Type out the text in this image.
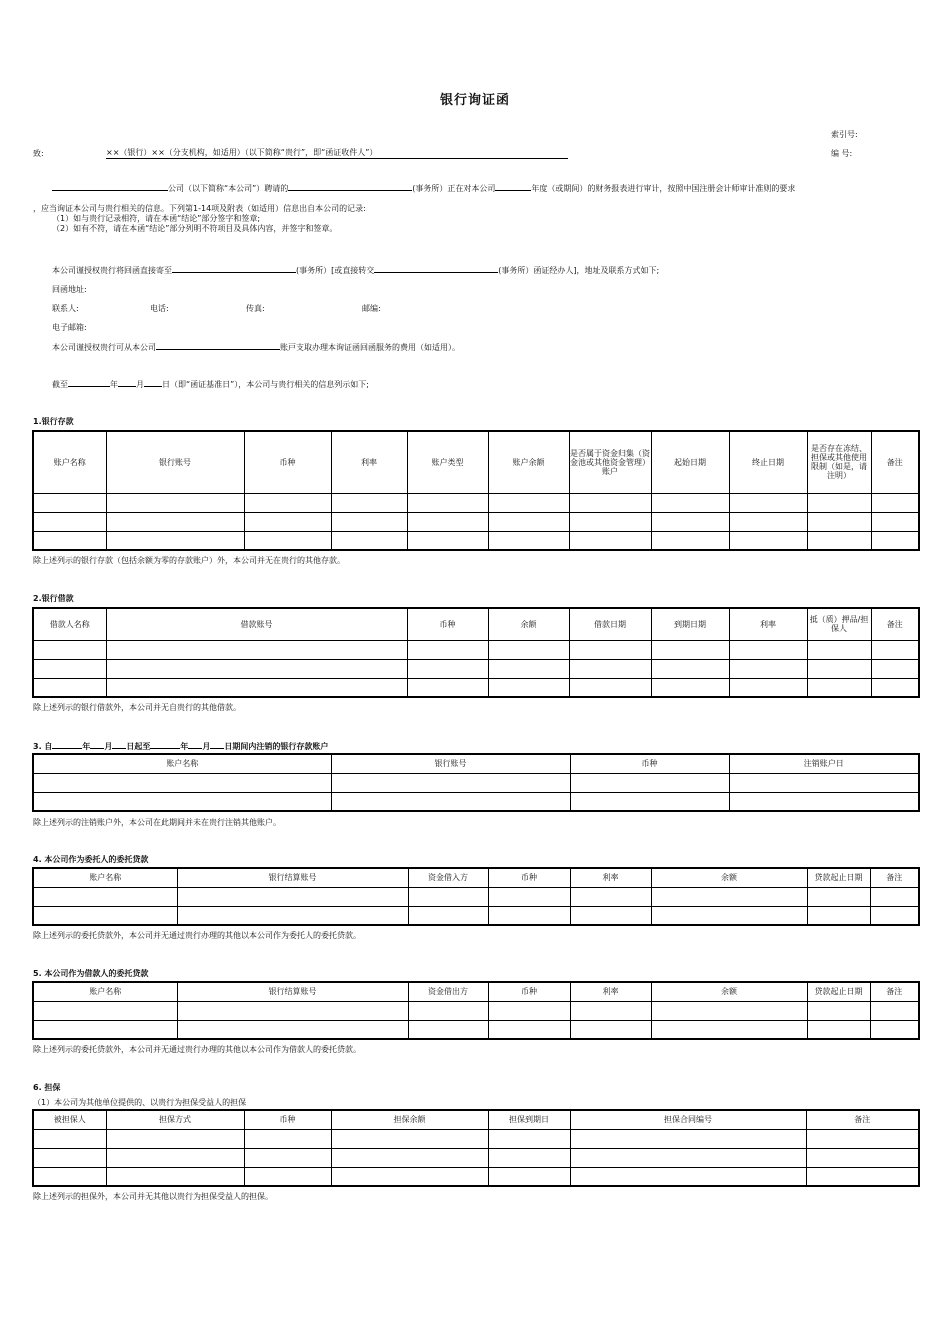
银行询证函
索引号:
编 号:
致:	××（银行）××（分支机构，如适用）（以下简称“贵行”，即“函证收件人”）
公司（以下简称“本公司”）聘请的	(事务所）正在对本公司	年度（或期间）的财务报表进行审计，按照中国注册会计师审计准则的要求
，应当询证本公司与贵行相关的信息。下列第1-14项及附表（如适用）信息出自本公司的记录:
（1）如与贵行记录相符，请在本函“结论”部分签字和签章;
（2）如有不符，请在本函“结论”部分列明不符项目及具体内容，并签字和签章。
本公司谨授权贵行将回函直接寄至	(事务所）[或直接转交	(事务所）函证经办人]，地址及联系方式如下;
回函地址:
联系人:	电话:	传真:	邮编:
电子邮箱:
本公司谨授权贵行可从本公司	账戸支取办理本询证函回函服务的费用（如适用）。
截至	年 月 日（即“函证基准日”），本公司与贵行相关的信息列示如下;
1.银行存款
账户名称	银行账号	币种	利率	账户类型	账户余额	是否属于资金归集（资金池或其他资金管理）账户	起始日期	终止日期	是否存在冻结、担保或其他使用限制（如是，请注明）	备注

除上述列示的银行存款（包括余额为零的存款账户）外，本公司并无在贵行的其他存款。
2.银行借款
借款人名称	借款账号	币种	余额	借款日期	到期日期	利率	抵（质）押品/担保人	备注

除上述列示的银行借款外，本公司并无自贵行的其他借款。
3. 自	年 月 日起至	年 月 日期间内注销的银行存款账户
账户名称	银行账号	币种	注销账户日

除上述列示的注销账户外，本公司在此期间并未在贵行注销其他账户。
4. 本公司作为委托人的委托贷款
账户名称	银行结算账号	资金借入方	币种	利率	余额	贷款起止日期	备注

除上述列示的委托贷款外，本公司并无通过贵行办理的其他以本公司作为委托人的委托贷款。
5. 本公司作为借款人的委托贷款
账户名称	银行结算账号	资金借出方	币种	利率	余额	贷款起止日期	备注

除上述列示的委托贷款外，本公司并无通过贵行办理的其他以本公司作为借款人的委托贷款。
6. 担保
（1）本公司为其他单位提供的、以贵行为担保受益人的担保
被担保人	担保方式	币种	担保余额	担保到期日	担保合同编号	备注

除上述列示的担保外，本公司并无其他以贵行为担保受益人的担保。
